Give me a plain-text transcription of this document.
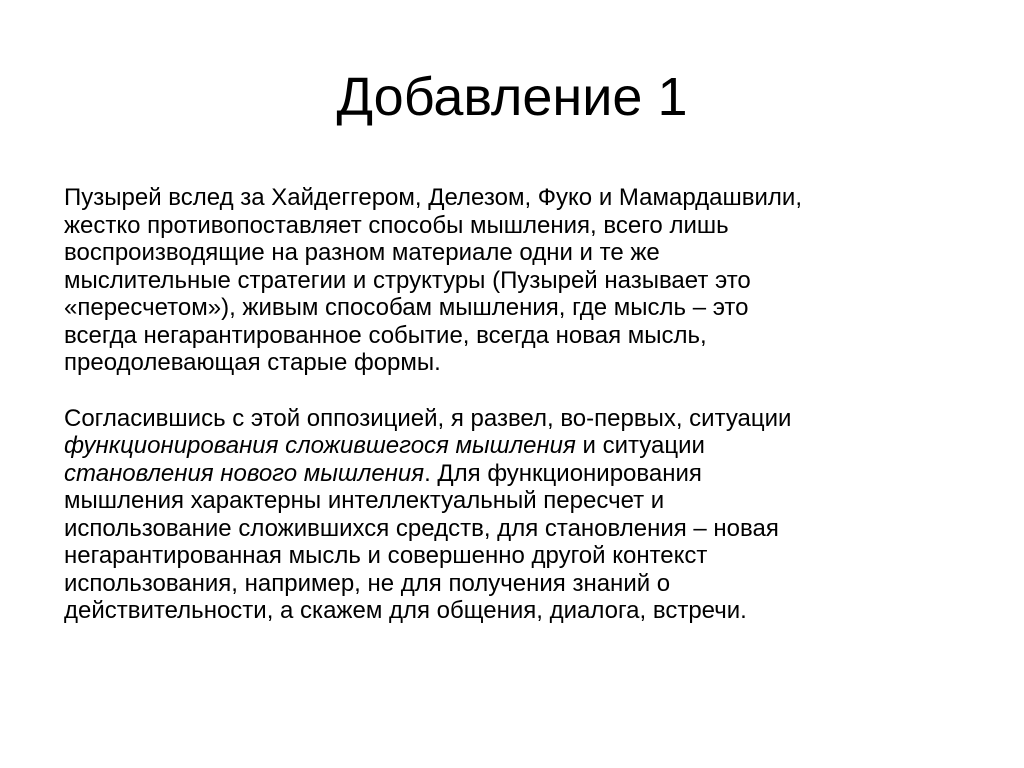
Добавление 1

Пузырей вслед за Хайдеггером, Делезом, Фуко и Мамардашвили,
жестко противопоставляет способы мышления, всего лишь
воспроизводящие на разном материале одни и те же
мыслительные стратегии и структуры (Пузырей называет это
«пересчетом»), живым способам мышления, где мысль – это
всегда негарантированное событие, всегда новая мысль,
преодолевающая старые формы.

Согласившись с этой оппозицией, я развел, во-первых, ситуации
функционирования сложившегося мышления и ситуации
становления нового мышления. Для функционирования
мышления характерны интеллектуальный пересчет и
использование сложившихся средств, для становления – новая
негарантированная мысль и совершенно другой контекст
использования, например, не для получения знаний о
действительности, а скажем для общения, диалога, встречи.
